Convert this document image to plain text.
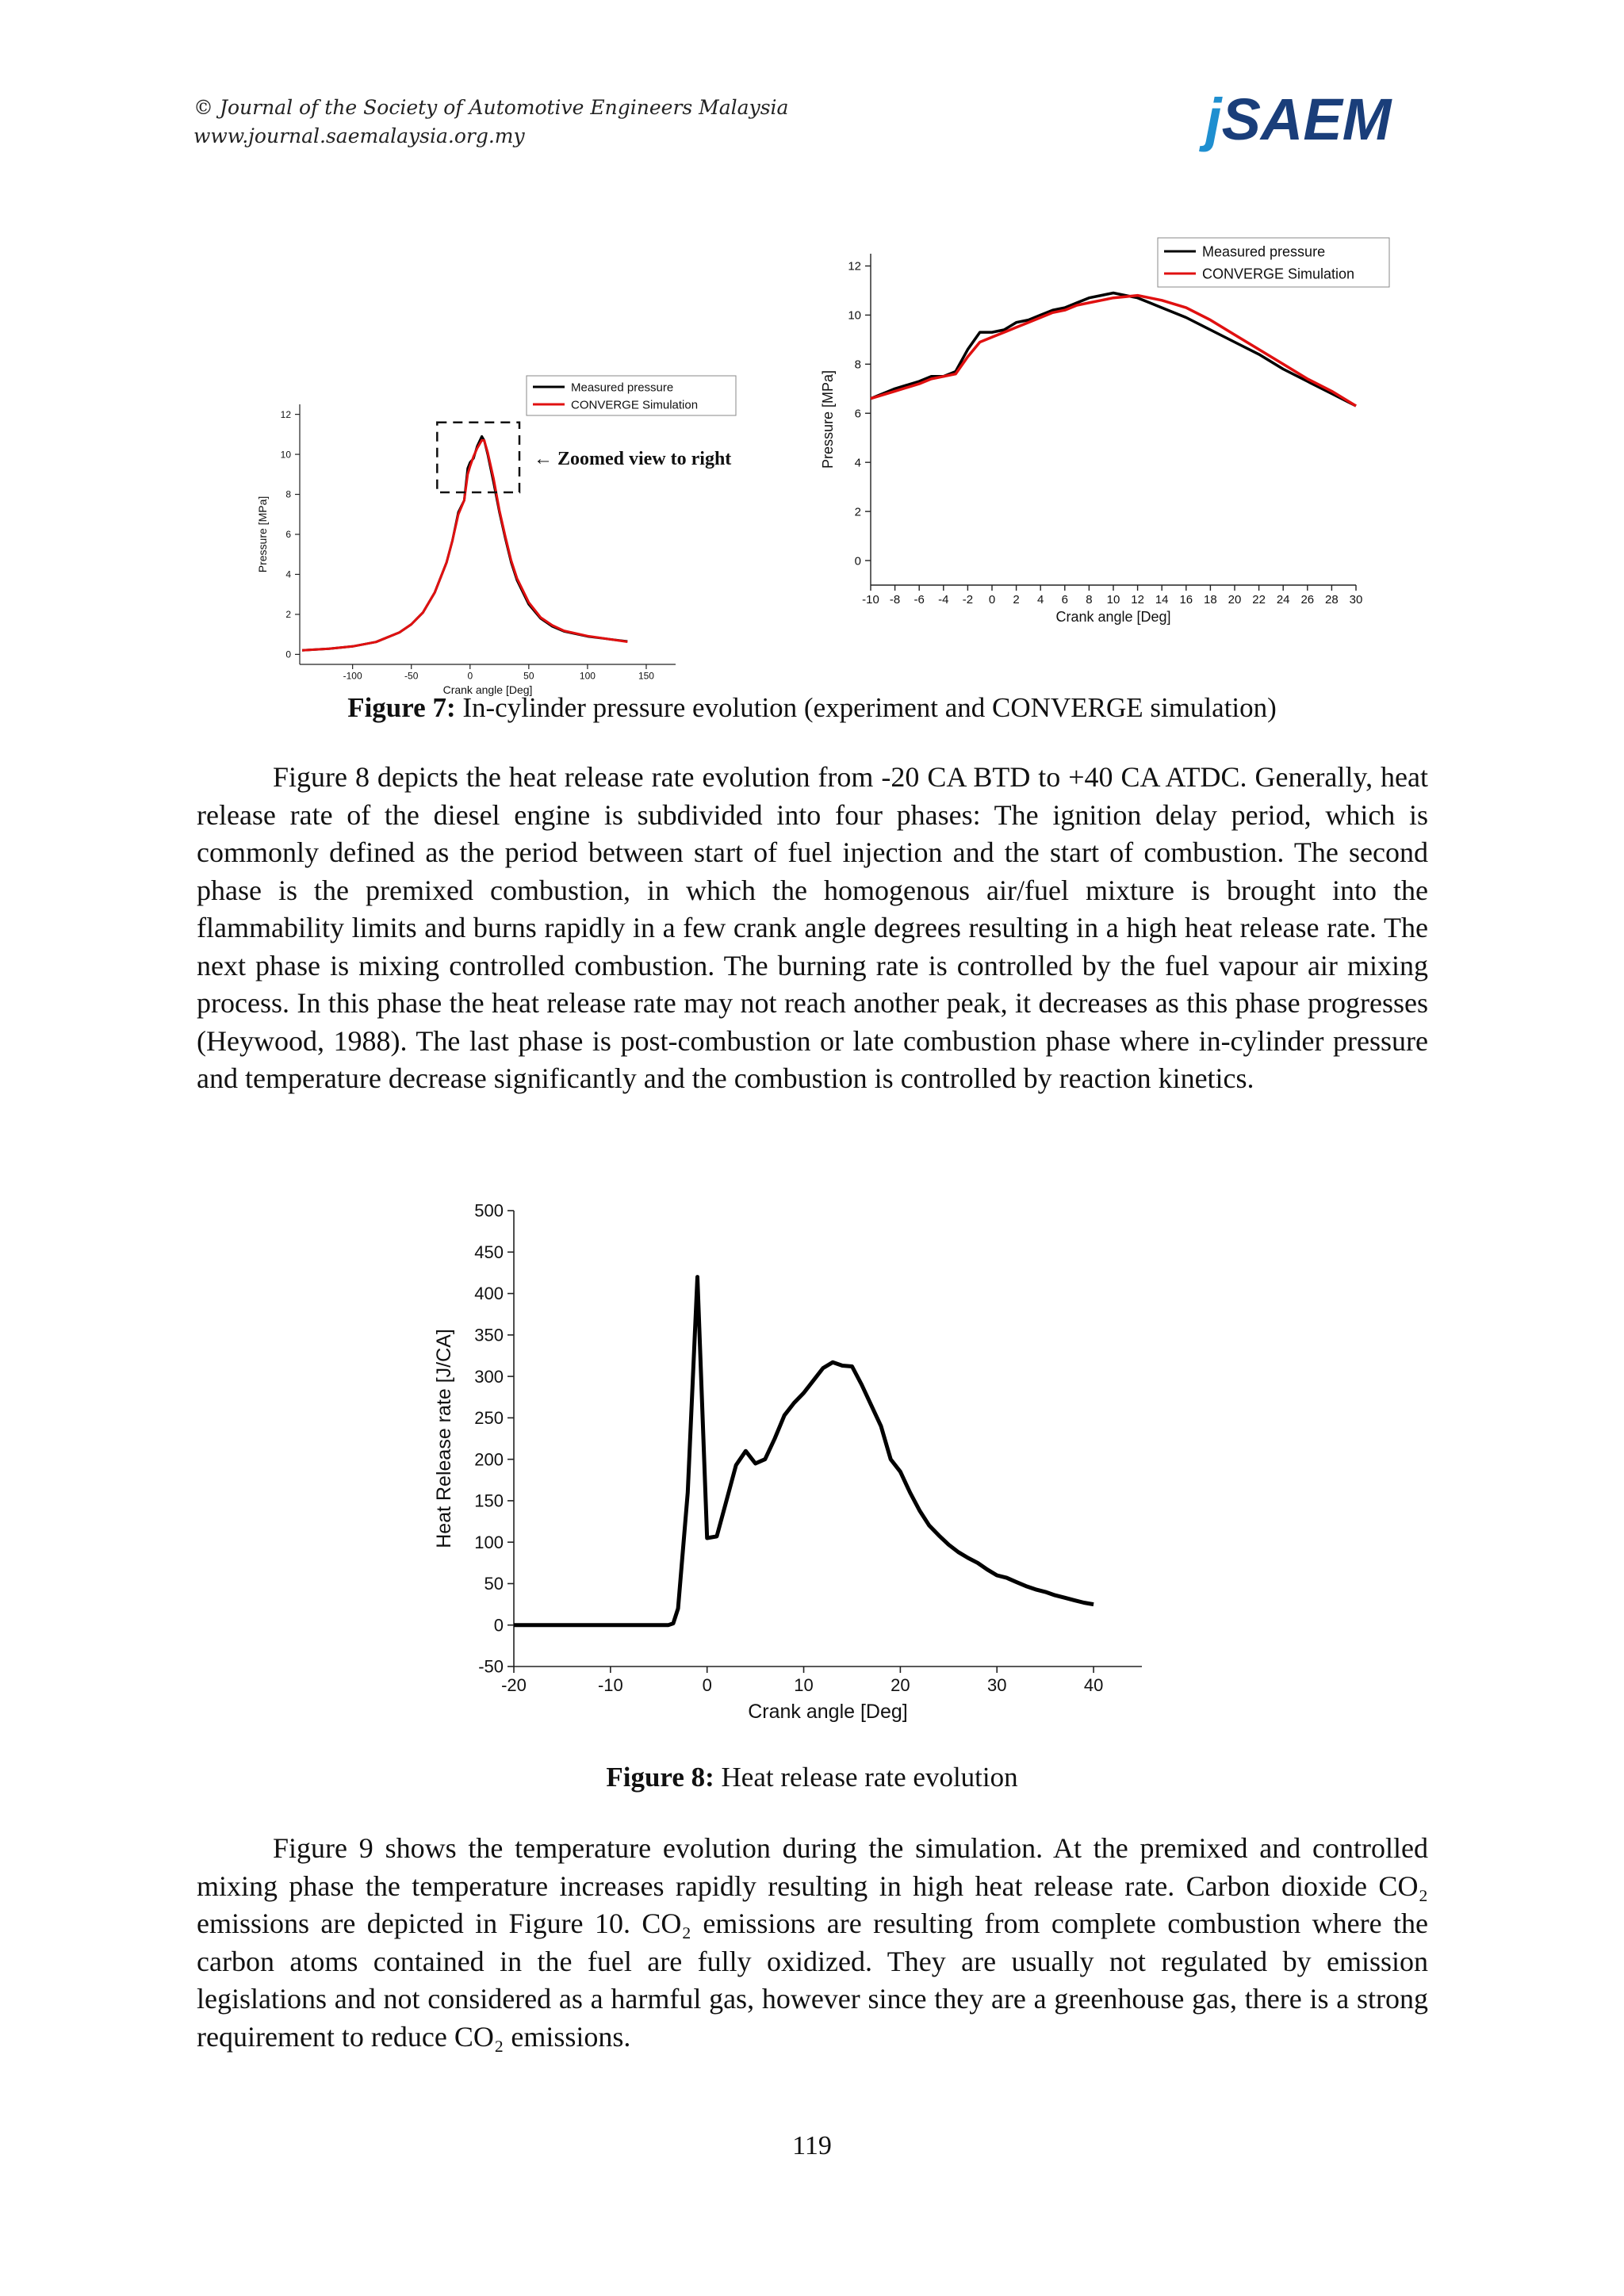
© Journal of the Society of Automotive Engineers Malaysia
www.journal.saemalaysia.org.my	jSAEM
0
2
4
6
8
10
12
-100	-50	0	50	100	150
Crank angle [Deg]
Pressure [MPa]
Measured pressure
CONVERGE Simulation
← Zoomed view to right
0
2
4
6
8
10
12
-10 -8 -6 -4 -2 0 2 4 6 8 10 12 14 16 18 20 22 24 26 28 30
Crank angle [Deg]
Pressure [MPa]
Measured pressure
CONVERGE Simulation
Figure 7: In-cylinder pressure evolution (experiment and CONVERGE simulation)

Figure 8 depicts the heat release rate evolution from -20 CA BTD to +40 CA ATDC. Generally, heat release rate of the diesel engine is subdivided into four phases: The ignition delay period, which is commonly defined as the period between start of fuel injection and the start of combustion. The second phase is the premixed combustion, in which the homogenous air/fuel mixture is brought into the flammability limits and burns rapidly in a few crank angle degrees resulting in a high heat release rate. The next phase is mixing controlled combustion. The burning rate is controlled by the fuel vapour air mixing process. In this phase the heat release rate may not reach another peak, it decreases as this phase progresses (Heywood, 1988). The last phase is post-combustion or late combustion phase where in-cylinder pressure and temperature decrease significantly and the combustion is controlled by reaction kinetics.

-50
0
50
100
150
200
250
300
350
400
450
500
-20	-10	0	10	20	30	40
Crank angle [Deg]
Heat Release rate [J/CA]
Figure 8: Heat release rate evolution

Figure 9 shows the temperature evolution during the simulation. At the premixed and controlled mixing phase the temperature increases rapidly resulting in high heat release rate. Carbon dioxide CO₂ emissions are depicted in Figure 10. CO₂ emissions are resulting from complete combustion where the carbon atoms contained in the fuel are fully oxidized. They are usually not regulated by emission legislations and not considered as a harmful gas, however since they are a greenhouse gas, there is a strong requirement to reduce CO₂ emissions.

119
